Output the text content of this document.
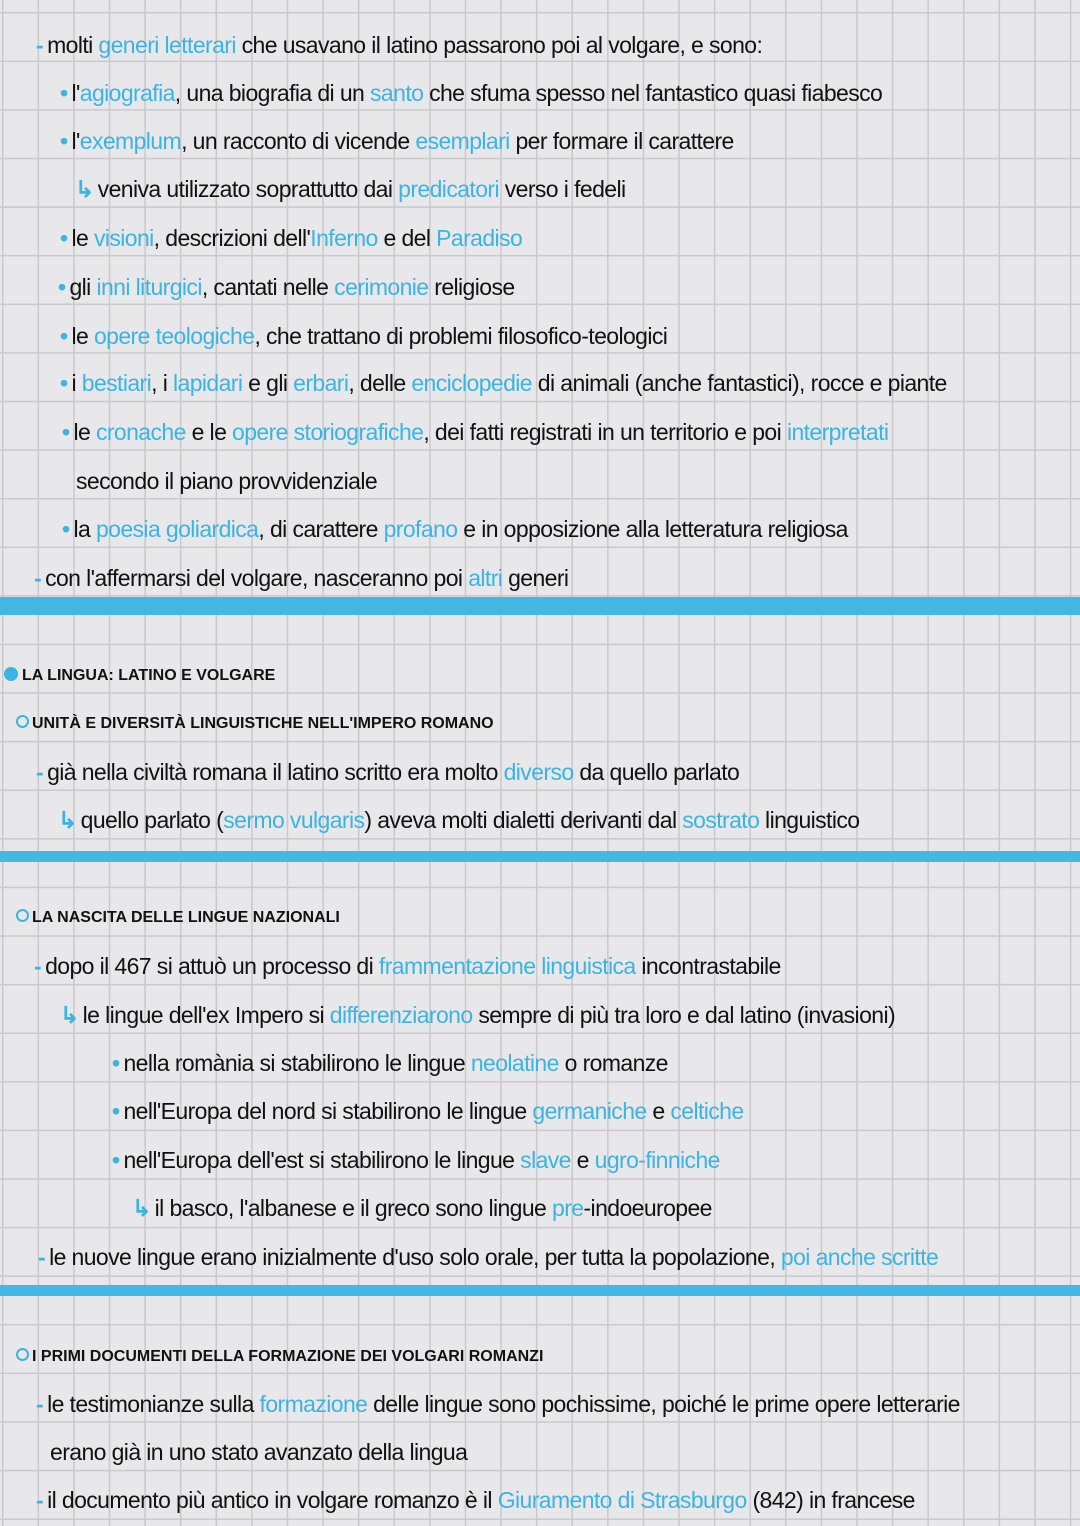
- molti generi letterari che usavano il latino passarono poi al volgare, e sono:
• l'agiografia, una biografia di un santo che sfuma spesso nel fantastico quasi fiabesco
• l'exemplum, un racconto di vicende esemplari per formare il carattere
↳ veniva utilizzato soprattutto dai predicatori verso i fedeli
• le visioni, descrizioni dell'Inferno e del Paradiso
• gli inni liturgici, cantati nelle cerimonie religiose
• le opere teologiche, che trattano di problemi filosofico-teologici
• i bestiari, i lapidari e gli erbari, delle enciclopedie di animali (anche fantastici), rocce e piante
• le cronache e le opere storiografiche, dei fatti registrati in un territorio e poi interpretati
secondo il piano provvidenziale
• la poesia goliardica, di carattere profano e in opposizione alla letteratura religiosa
- con l'affermarsi del volgare, nasceranno poi altri generi
LA LINGUA: LATINO E VOLGARE
UNITÀ E DIVERSITÀ LINGUISTICHE NELL'IMPERO ROMANO
- già nella civiltà romana il latino scritto era molto diverso da quello parlato
↳ quello parlato (sermo vulgaris) aveva molti dialetti derivanti dal sostrato linguistico
LA NASCITA DELLE LINGUE NAZIONALI
- dopo il 467 si attuò un processo di frammentazione linguistica incontrastabile
↳ le lingue dell'ex Impero si differenziarono sempre di più tra loro e dal latino (invasioni)
• nella romània si stabilirono le lingue neolatine o romanze
• nell'Europa del nord si stabilirono le lingue germaniche e celtiche
• nell'Europa dell'est si stabilirono le lingue slave e ugro-finniche
↳ il basco, l'albanese e il greco sono lingue pre-indoeuropee
- le nuove lingue erano inizialmente d'uso solo orale, per tutta la popolazione, poi anche scritte
I PRIMI DOCUMENTI DELLA FORMAZIONE DEI VOLGARI ROMANZI
- le testimonianze sulla formazione delle lingue sono pochissime, poiché le prime opere letterarie
erano già in uno stato avanzato della lingua
- il documento più antico in volgare romanzo è il Giuramento di Strasburgo (842) in francese
